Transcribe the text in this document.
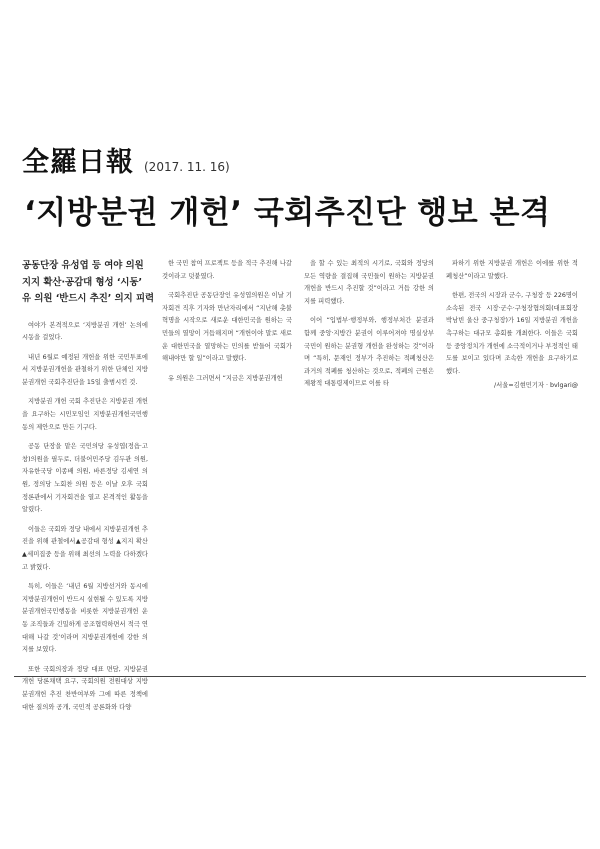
全羅日報 (2017. 11. 16)
‘지방분권 개헌’ 국회추진단 행보 본격
공동단장 유성엽 등 여야 의원
지지 확산·공감대 형성 ‘시동’
유 의원 ‘반드시 추진’ 의지 피력

여야가 본격적으로 ‘지방분권 개헌’ 논의에 시동을 걸었다.

내년 6월로 예정된 개헌을 위한 국민투표에서 지방분권개헌을 관철하기 위한 단체인 지방분권개헌 국회추진단을 15일 출범시킨 것.

지방분권 개헌 국회 추진단은 지방분권 개헌을 요구하는 시민모임인 지방분권개헌국민행동의 제안으로 만든 기구다.

공동 단장을 맡은 국민의당 유성엽(정읍·고창)의원을 필두로, 더불어민주당 김두관 의원, 자유한국당 이종배 의원, 바른정당 김세연 의원, 정의당 노회찬 의원 등은 이날 오후 국회 정론관에서 기자회견을 열고 본격적인 활동을 알렸다.

이들은 국회와 정당 내에서 지방분권개헌 추진을 위해 관철에서▲공감대 형성 ▲지지 확산 ▲세미집중 등을 위해 최선의 노력을 다하겠다고 밝혔다.

특히, 이들은 ‘내년 6월 지방선거와 동시에 지방분권개헌이 반드시 실현될 수 있도록 지방분권개헌국민행동을 비롯한 지방분권개헌 운동 조직들과 긴밀하게 공조협력하면서 적극 연대해 나갈 것’이라며 지방분권개헌에 강한 의지를 보였다.

또한 국회의장과 정당 대표 면담, 지방분권개헌 당론채택 요구, 국회의원 전원대상 지방분권개헌 추진 찬반여부와 그에 따른 정책에 대한 질의와 공개, 국민적 공론화와 다양

한 국민 참여 프로젝트 등을 적극 추진해 나갈 것이라고 덧붙였다.

국회추진단 공동단장인 유성엽의원은 이날 기자회견 직후 기자와 만난자리에서 “지난해 촛불혁명을 시작으로 새로운 대한민국을 원하는 국민들의 열망이 거듭해지며 “개헌이야 말로 새로운 대한민국을 열망하는 민의를 받들어 국회가 해내야만 할 일”이라고 말했다.

유 의원은 그러면서 “지금은 지방분권개헌

을 할 수 있는 최적의 시기로, 국회와 정당의 모든 역량을 결집해 국민들이 원하는 지방분권 개헌을 반드시 추진할 것”이라고 거듭 강한 의지를 피력했다.

이어 “입법부·행정부와, 행정부처간 분권과 함께 중앙·지방간 분권이 이루어져야 명실상부 국민이 원하는 분권형 개헌을 완성하는 것”이라며 “특히, 문재인 정부가 추진하는 적폐청산은 과거의 적폐를 청산하는 것으로, 적폐의 근원은 제왕적 대통령제이므로 이를 타

파하기 위한 지방분권 개헌은 이에를 위한 적폐청산”이라고 말했다.

한편, 전국의 시장과 군수, 구청장 등 226명이 소속된 전국 시장·군수·구청장협의회(대표회장 박남빈 울산 중구청장)가 16일 지방분권 개헌을 촉구하는 대규모 총회를 개최한다. 이들은 국회 등 중앙정치가 개헌에 소극적이거나 부정적인 태도를 보이고 있다며 조속한 개헌을 요구하기로 했다.

/서울=김현민기자 · bvlgari@
